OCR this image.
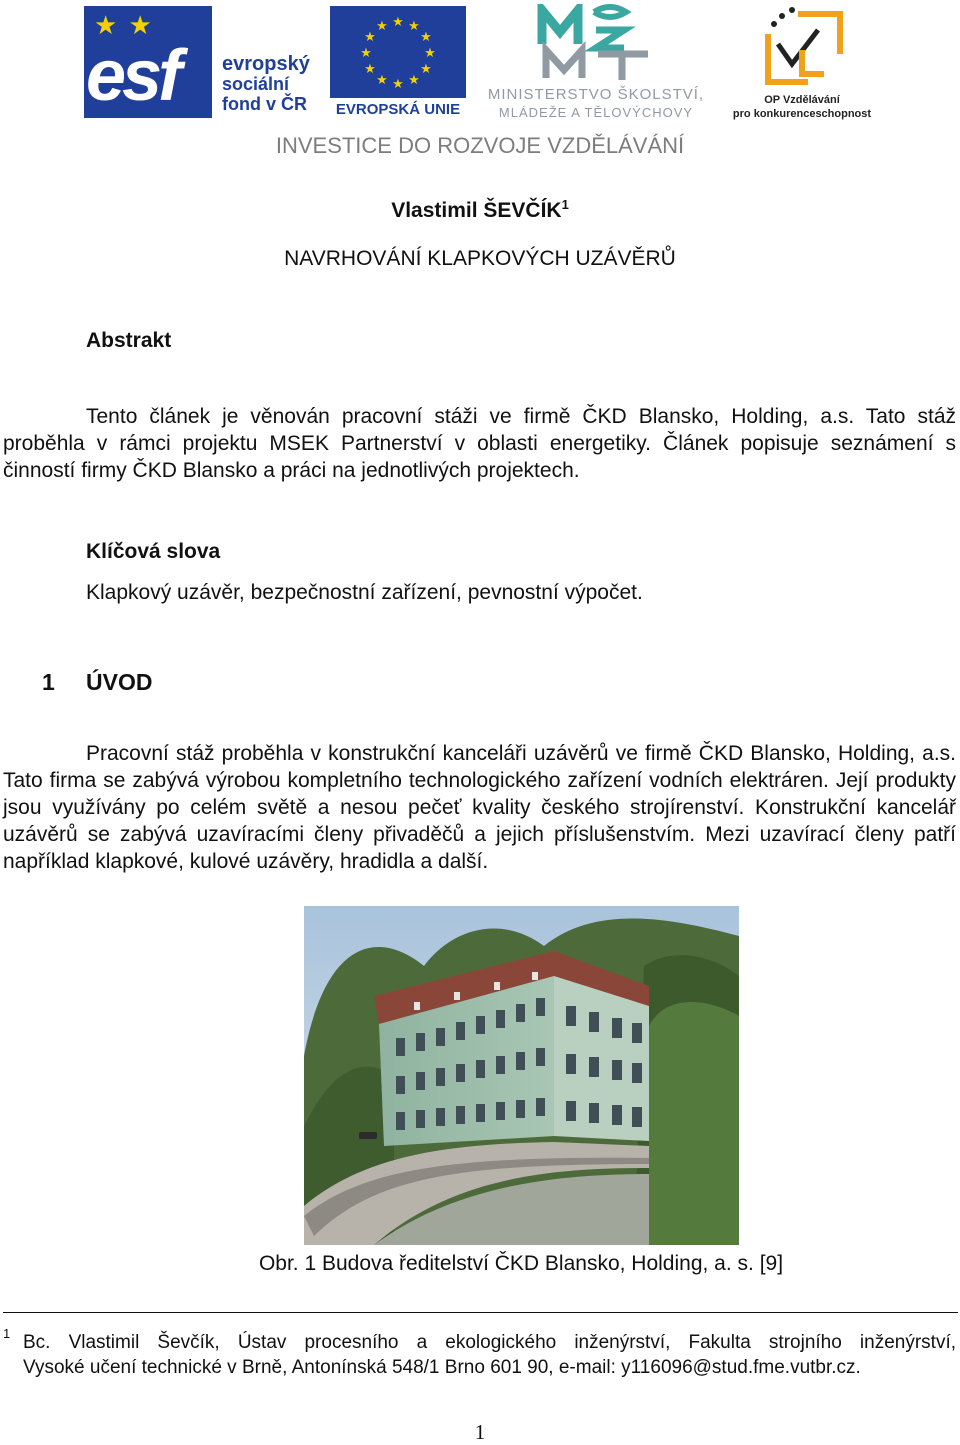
★ ★
esf evropský
sociální
fond v ČR
★ ★
★
★
★
★
★
★
★
★
★
★
EVROPSKÁ UNIE
MINISTERSTVO ŠKOLSTVÍ,
MLÁDEŽE A TĚLOVÝCHOVY
OP Vzdělávání
pro konkurenceschopnost
INVESTICE DO ROZVOJE VZDĚLÁVÁNÍ
Vlastimil ŠEVČÍK$^1$
NAVRHOVÁNÍ KLAPKOVÝCH UZÁVĚRŮ
Abstrakt

Tento článek je věnován pracovní stáži ve firmě ČKD Blansko, Holding, a.s. Tato stáž proběhla v rámci projektu MSEK Partnerství v oblasti energetiky. Článek popisuje seznámení s činností firmy ČKD Blansko a práci na jednotlivých projektech.

Klíčová slova
Klapkový uzávěr, bezpečnostní zařízení, pevnostní výpočet.
1 ÚVOD

Pracovní stáž proběhla v konstrukční kanceláři uzávěrů ve firmě ČKD Blansko, Holding, a.s. Tato firma se zabývá výrobou kompletního technologického zařízení vodních elektráren. Její produkty jsou využívány po celém světě a nesou pečeť kvality českého strojírenství. Konstrukční kancelář uzávěrů se zabývá uzavíracími členy přivaděčů a jejich příslušenstvím. Mezi uzavírací členy patří například klapkové, kulové uzávěry, hradidla a další.

Obr. 1 Budova ředitelství ČKD Blansko, Holding, a. s. [9]
1 Bc. Vlastimil Ševčík, Ústav procesního a ekologického inženýrství, Fakulta strojního inženýrství,

Vysoké učení technické v Brně, Antonínská 548/1 Brno 601 90, e-mail: y116096@stud.fme.vutbr.cz.

1
